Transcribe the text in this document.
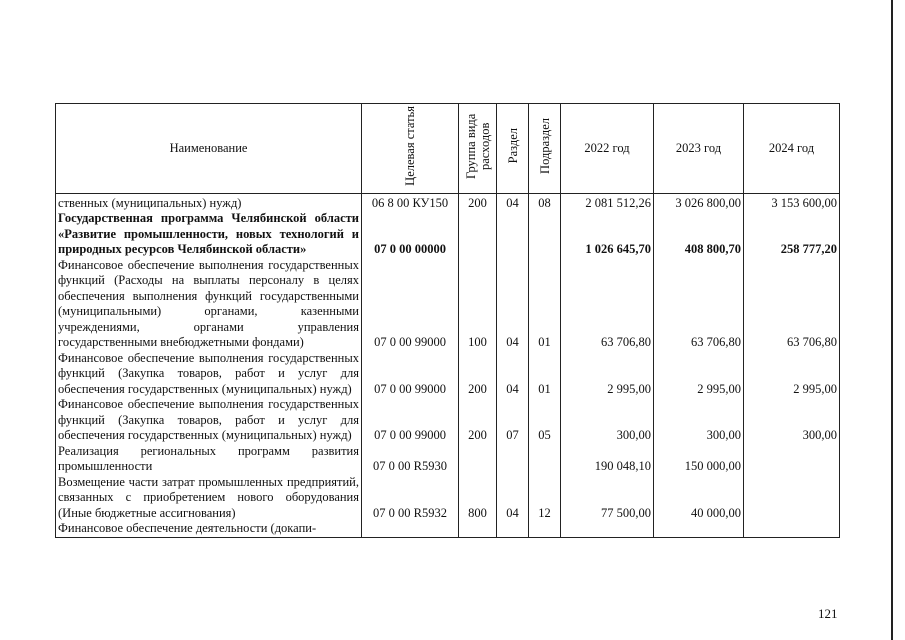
Наименование	Целевая статья	Группа вида расходов	Раздел	Подраздел	2022 год	2023 год	2024 год
ственных (муниципальных) нужд)	06 8 00 КУ150	200	04	08	2 081 512,26	3 026 800,00	3 153 600,00
Государственная программа Челябинской области «Развитие промышленности, новых технологий и природных ресурсов Челябинской области»	07 0 00 00000				1 026 645,70	408 800,70	258 777,20
Финансовое обеспечение выполнения государственных функций (Расходы на выплаты персоналу в целях обеспечения выполнения функций государственными (муниципальными) органами, казенными учреждениями, органами управления государственными внебюджетными фондами)	07 0 00 99000	100	04	01	63 706,80	63 706,80	63 706,80
Финансовое обеспечение выполнения государственных функций (Закупка товаров, работ и услуг для обеспечения государственных (муниципальных) нужд)	07 0 00 99000	200	04	01	2 995,00	2 995,00	2 995,00
Финансовое обеспечение выполнения государственных функций (Закупка товаров, работ и услуг для обеспечения государственных (муниципальных) нужд)	07 0 00 99000	200	07	05	300,00	300,00	300,00
Реализация региональных программ развития промышленности	07 0 00 R5930				190 048,10	150 000,00	
Возмещение части затрат промышленных предприятий, связанных с приобретением нового оборудования (Иные бюджетные ассигнования)	07 0 00 R5932	800	04	12	77 500,00	40 000,00	
Финансовое обеспечение деятельности (докапи-							
121
